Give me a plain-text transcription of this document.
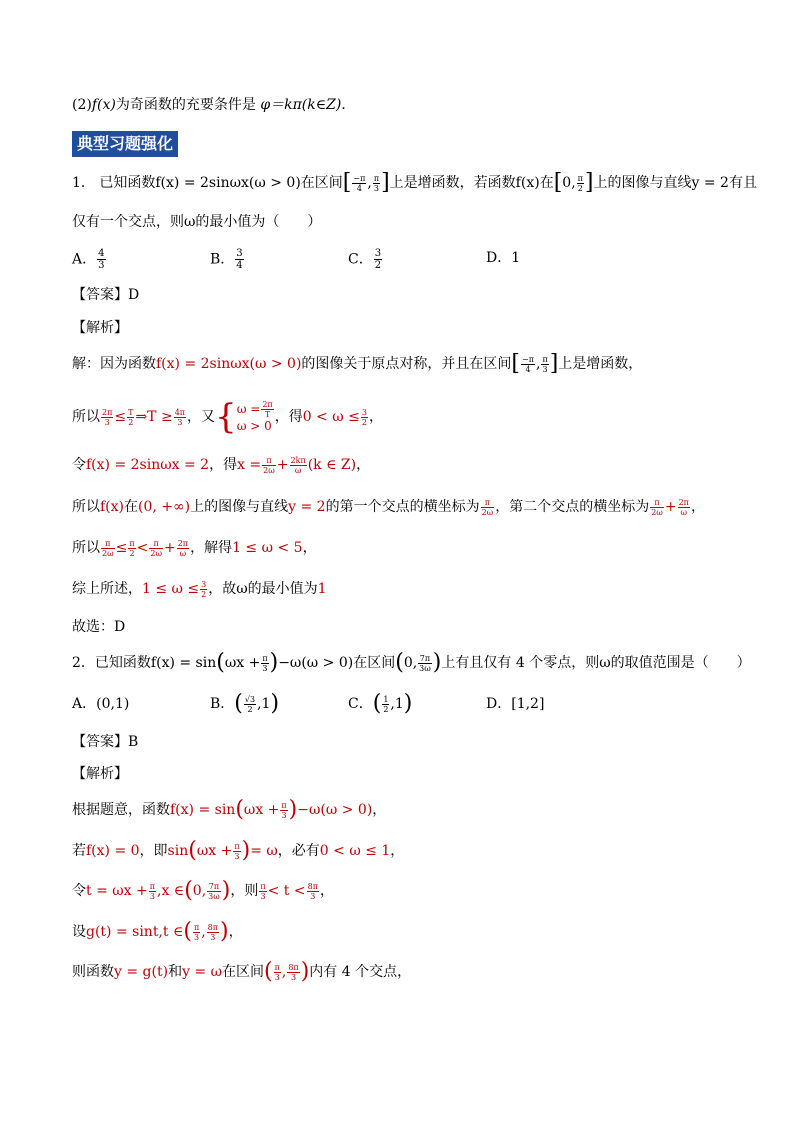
(2)f(x)为奇函数的充要条件是 φ＝kπ(k∈Z)．
典型习题强化
1． 已知函数f(x) = 2sinωx(ω > 0)在区间[ $\frac{-\pi}{4}$ , $\frac{\pi}{3}$ ]上是增函数，若函数f(x)在[0, $\frac{\pi}{2}$ ]上的图像与直线y = 2有且
仅有一个交点，则ω的最小值为（　　）
A． $\frac{4}{3}$	B． $\frac{3}{4}$	C． $\frac{3}{2}$	D．1
【答案】D
【解析】
解：因为函数f(x) = 2sinωx(ω > 0)的图像关于原点对称，并且在区间[ $\frac{-\pi}{4}$ , $\frac{\pi}{3}$ ]上是增函数，
所以 $\frac{2\pi}{3} \le \frac{T}{2}$ ⇒T ≥ $\frac{4\pi}{3}$ ，又{ $\omega = \frac{2\pi}{T}$
ω > 0
，得$0 < \omega \le \frac{3}{2}$ ，
令f(x) = 2sinωx = 2，得$x = \frac{\pi}{2\omega} + \frac{2k\pi}{\omega} (k$ ∈ Z)，
所以f(x)在(0, +∞)上的图像与直线y = 2的第一个交点的横坐标为 $\frac{\pi}{2\omega}$ ，第二个交点的横坐标为 $\frac{\pi}{2\omega} + \frac{2\pi}{\omega}$ ，
所以 $\frac{\pi}{2\omega} \le \frac{\pi}{2} < \frac{\pi}{2\omega} + \frac{2\pi}{\omega}$ ，解得1 ≤ ω < 5，
综上所述，$1 \le \omega \le \frac{3}{2}$ ，故ω的最小值为1
故选：D
2．已知函数$f(x) = \sin(\omega x + \frac{\pi}{3} )-\omega(\omega > 0)$在区间(0, $\frac{7\pi}{3\omega}$ )上有且仅有 4 个零点，则ω的取值范围是（　　）
A．(0,1)	B．( $\frac{√3}{2} ,1$)	C．( $\frac{1}{2} ,1$)	D．[1,2]
【答案】B
【解析】
根据题意，函数$f(x) = \sin(\omega x + \frac{\pi}{3} )-\omega(\omega > 0)$，
若f(x) = 0，即$\sin(\omega x + \frac{\pi}{3}$ )= ω，必有0 < ω ≤ 1，
令$t = \omega x + \frac{\pi}{3} ,x$ ∈(0, $\frac{7\pi}{3\omega}$ )，则 $\frac{\pi}{3} < t < \frac{8\pi}{3}$ ，
设g(t) = sint,t ∈( $\frac{\pi}{3}$ , $\frac{8\pi}{3}$ )，
则函数y = g(t)和y = ω在区间( $\frac{\pi}{3}$ , $\frac{8\pi}{3}$ )内有 4 个交点，
